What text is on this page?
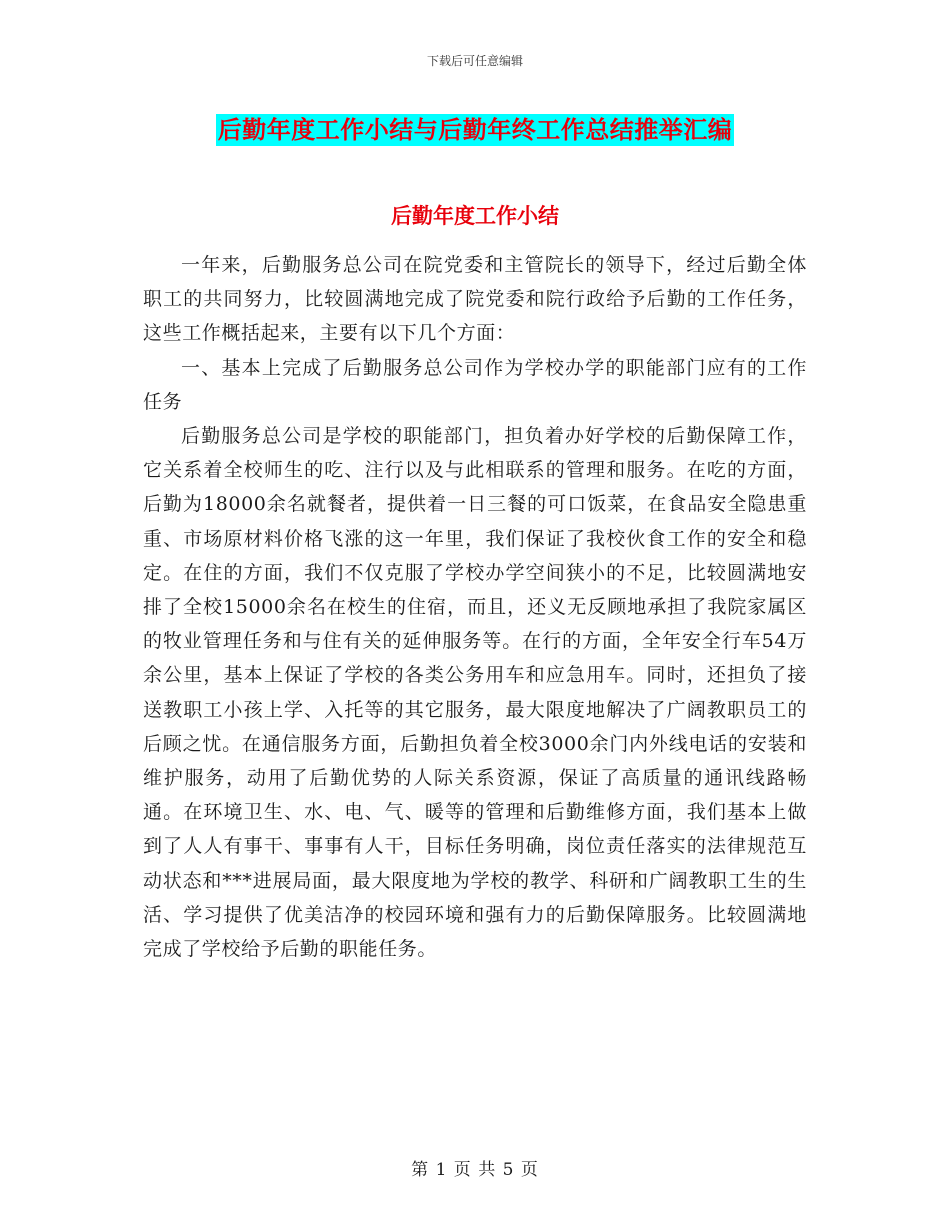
下载后可任意编辑
后勤年度工作小结与后勤年终工作总结推举汇编
后勤年度工作小结

一年来，后勤服务总公司在院党委和主管院长的领导下，经过后勤全体职工的共同努力，比较圆满地完成了院党委和院行政给予后勤的工作任务，这些工作概括起来，主要有以下几个方面：

一、基本上完成了后勤服务总公司作为学校办学的职能部门应有的工作任务

后勤服务总公司是学校的职能部门，担负着办好学校的后勤保障工作，它关系着全校师生的吃、注行以及与此相联系的管理和服务。在吃的方面，后勤为18000余名就餐者，提供着一日三餐的可口饭菜，在食品安全隐患重重、市场原材料价格飞涨的这一年里，我们保证了我校伙食工作的安全和稳定。在住的方面，我们不仅克服了学校办学空间狭小的不足，比较圆满地安排了全校15000余名在校生的住宿，而且，还义无反顾地承担了我院家属区的牧业管理任务和与住有关的延伸服务等。在行的方面，全年安全行车54万余公里，基本上保证了学校的各类公务用车和应急用车。同时，还担负了接送教职工小孩上学、入托等的其它服务，最大限度地解决了广阔教职员工的后顾之忧。在通信服务方面，后勤担负着全校3000余门内外线电话的安装和维护服务，动用了后勤优势的人际关系资源，保证了高质量的通讯线路畅通。在环境卫生、水、电、气、暖等的管理和后勤维修方面，我们基本上做到了人人有事干、事事有人干，目标任务明确，岗位责任落实的法律规范互动状态和***进展局面，最大限度地为学校的教学、科研和广阔教职工生的生活、学习提供了优美洁净的校园环境和强有力的后勤保障服务。比较圆满地完成了学校给予后勤的职能任务。

第 1 页 共 5 页
